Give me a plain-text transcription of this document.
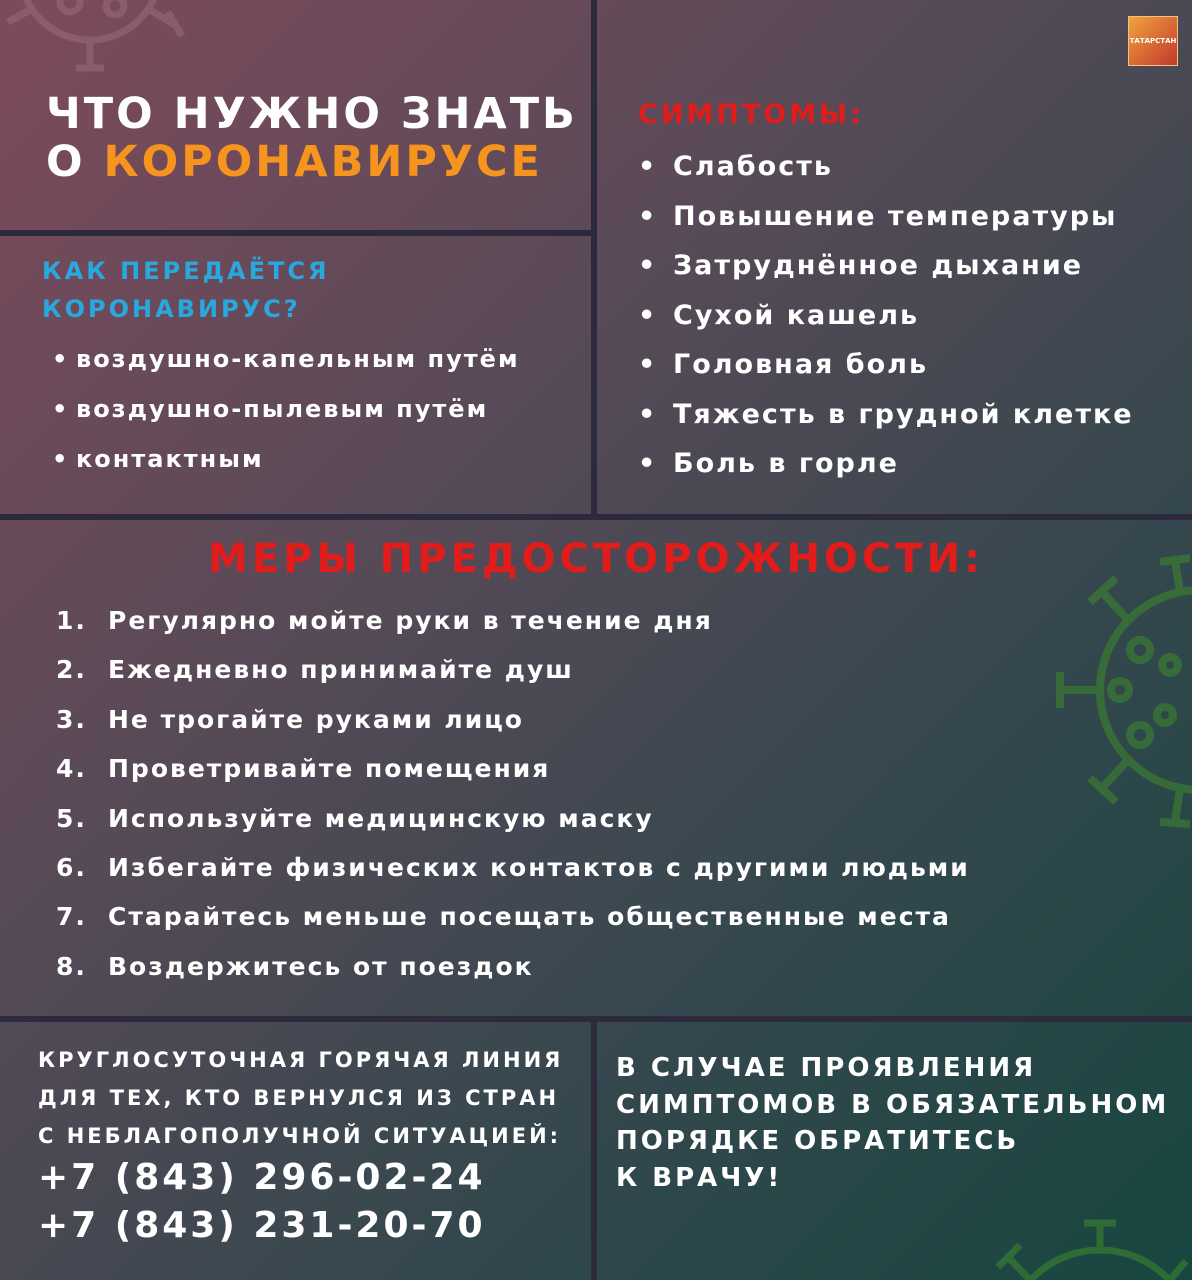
ТАТАРСТАН
ЧТО НУЖНО ЗНАТЬ
О КОРОНАВИРУСЕ
КАК ПЕРЕДАЁТСЯ
КОРОНАВИРУС?
• воздушно-капельным путём
• воздушно-пылевым путём
• контактным
СИМПТОМЫ:
• Слабость
• Повышение температуры
• Затруднённое дыхание
• Сухой кашель
• Головная боль
• Тяжесть в грудной клетке
• Боль в горле
МЕРЫ ПРЕДОСТОРОЖНОСТИ:
1. Регулярно мойте руки в течение дня
2. Ежедневно принимайте душ
3. Не трогайте руками лицо
4. Проветривайте помещения
5. Используйте медицинскую маску
6. Избегайте физических контактов с другими людьми
7. Старайтесь меньше посещать общественные места
8. Воздержитесь от поездок
КРУГЛОСУТОЧНАЯ ГОРЯЧАЯ ЛИНИЯ
ДЛЯ ТЕХ, КТО ВЕРНУЛСЯ ИЗ СТРАН
С НЕБЛАГОПОЛУЧНОЙ СИТУАЦИЕЙ:
+7 (843) 296-02-24
+7 (843) 231-20-70
В СЛУЧАЕ ПРОЯВЛЕНИЯ
СИМПТОМОВ В ОБЯЗАТЕЛЬНОМ
ПОРЯДКЕ ОБРАТИТЕСЬ
К ВРАЧУ!
